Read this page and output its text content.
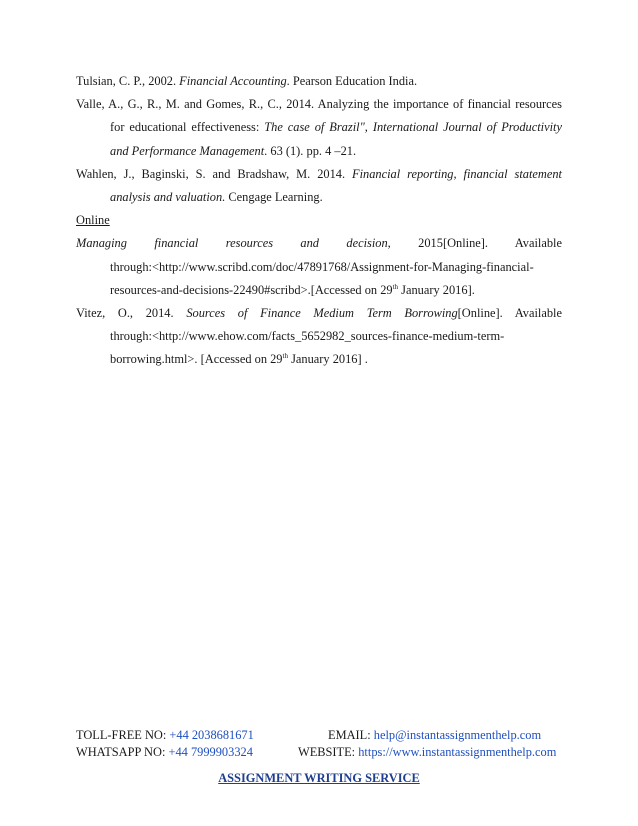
Tulsian, C. P., 2002. Financial Accounting. Pearson Education India.

Valle, A., G., R., M. and Gomes, R., C., 2014. Analyzing the importance of financial resources
for educational effectiveness: The case of Brazil", International Journal of Productivity
and Performance Management. 63 (1). pp. 4 –21.

Wahlen, J., Baginski, S. and Bradshaw, M. 2014. Financial reporting, financial statement
analysis and valuation. Cengage Learning.

Online

Managing financial resources and decision, 2015[Online]. Available
through:<http://www.scribd.com/doc/47891768/Assignment-for-Managing-financial-
resources-and-decisions-22490#scribd>.[Accessed on 29th January 2016].

Vitez, O., 2014. Sources of Finance Medium Term Borrowing[Online]. Available
through:<http://www.ehow.com/facts_5652982_sources-finance-medium-term-
borrowing.html>. [Accessed on 29th January 2016] .

TOLL-FREE NO: +44 2038681671	EMAIL: help@instantassignmenthelp.com
WHATSAPP NO: +44 7999903324	WEBSITE: https://www.instantassignmenthelp.com
ASSIGNMENT WRITING SERVICE
